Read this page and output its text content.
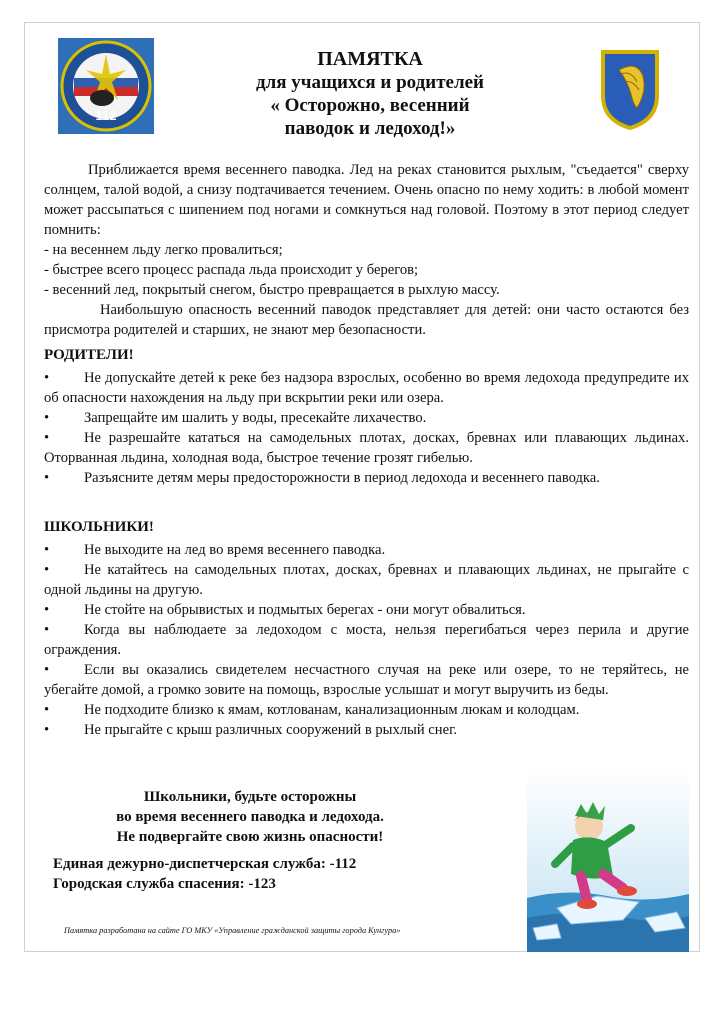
112
ПАМЯТКА
для учащихся и родителей
« Осторожно, весенний
паводок и ледоход!»

Приближается время весеннего паводка. Лед на реках становится рыхлым, "съедается" сверху солнцем, талой водой, а снизу подтачивается течением. Очень опасно по нему ходить: в любой момент может рассыпаться с шипением под ногами и сомкнуться над головой. Поэтому в этот период следует помнить:

- на весеннем льду легко провалиться;

- быстрее всего процесс распада льда происходит у берегов;

- весенний лед, покрытый снегом, быстро превращается в рыхлую массу.

Наибольшую опасность весенний паводок представляет для детей: они часто остаются без присмотра родителей и старших, не знают мер безопасности.

РОДИТЕЛИ!

• Не допускайте детей к реке без надзора взрослых, особенно во время ледохода предупредите их об опасности нахождения на льду при вскрытии реки или озера.

• Запрещайте им шалить у воды, пресекайте лихачество.

• Не разрешайте кататься на самодельных плотах, досках, бревнах или плавающих льдинах. Оторванная льдина, холодная вода, быстрое течение грозят гибелью.

• Разъясните детям меры предосторожности в период ледохода и весеннего паводка.

ШКОЛЬНИКИ!

• Не выходите на лед во время весеннего паводка.

• Не катайтесь на самодельных плотах, досках, бревнах и плавающих льдинах, не прыгайте с одной льдины на другую.

• Не стойте на обрывистых и подмытых берегах - они могут обвалиться.

• Когда вы наблюдаете за ледоходом с моста, нельзя перегибаться через перила и другие ограждения.

• Если вы оказались свидетелем несчастного случая на реке или озере, то не теряйтесь, не убегайте домой, а громко зовите на помощь, взрослые услышат и могут выручить из беды.

• Не подходите близко к ямам, котлованам, канализационным люкам и колодцам.

• Не прыгайте с крыш различных сооружений в рыхлый снег.

Школьники, будьте осторожны
во время весеннего паводка и ледохода.
Не подвергайте свою жизнь опасности!
Единая дежурно-диспетчерская служба: -112
Городская служба спасения: -123
Памятка разработана на сайте ГО МКУ «Управление гражданской защиты города Кунгура»
